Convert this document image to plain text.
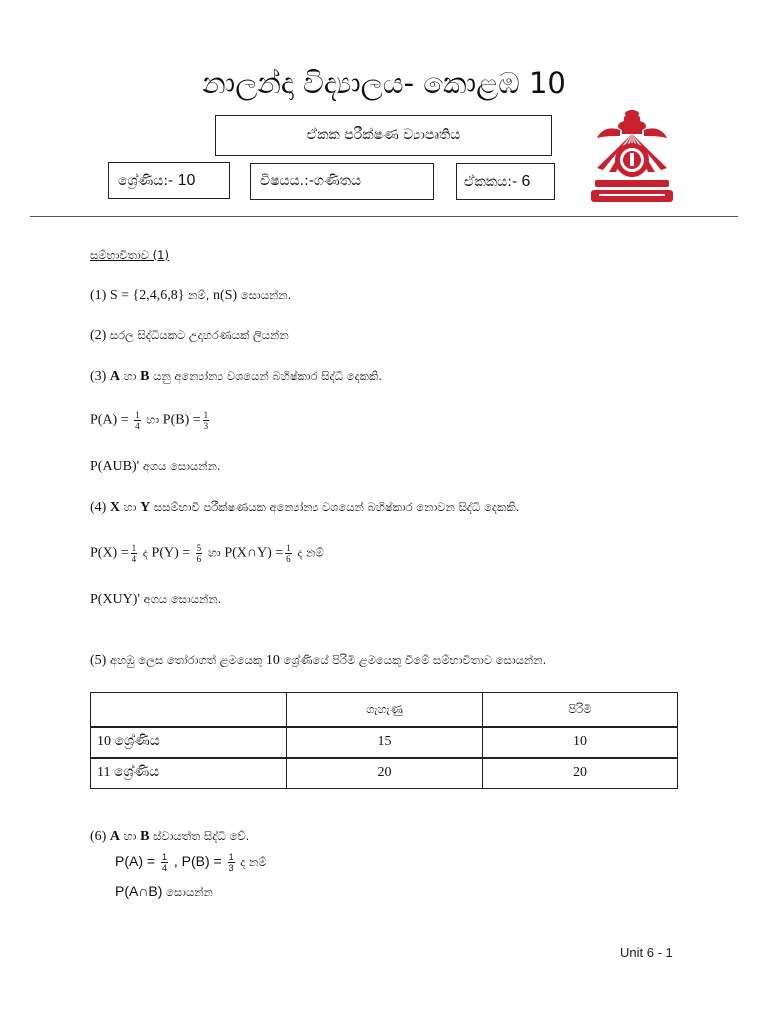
නාලන්දා විද්‍යාලය- කොළඹ 10
ඒකක පරීක්ෂණ ව්‍යාපෘතිය
ශ්‍රේණිය:- 10	විෂයය.:-ගණිතය	ඒකකය:- 6
සම්භාවිතාව (1)
(1) S = {2,4,6,8} නම්, n(S) සොයන්න.
(2) සරල සිද්ධියකට උදාහරණයක් ලියන්න
(3) A හා B යනු අන්‍යෝන්‍ය වශයෙන් බහිෂ්කාර සිද්ධි දෙකකි.
$P(A) = \frac{1}{4}$ හා $P(B) = \frac{1}{3}$
P(AUB)' අගය සොයන්න.
(4) X හා Y සසම්භාවී පරීක්ෂණයක අන්‍යෝන්‍ය වශයෙන් බහිෂ්කාර නොවන සිද්ධි දෙකකි.
$P(X) = \frac{1}{4}$ ද $P(Y) = \frac{5}{6}$ හා P(X∩Y) = $\frac{1}{6}$ ද නම්
P(XUY)' අගය සොයන්න.
(5) අහඹු ලෙස තෝරාගත් ළමයෙකු 10 ශ්‍රේණියේ පිරිමි ළමයෙකු වීමේ සම්භාවිතාව සොයන්න.
	ගැහැණු	පිරිමි
10 ශ්‍රේණිය	15	10
11 ශ්‍රේණිය	20	20
(6) A හා B ස්වායත්ත සිද්ධි වේ.
$P(A) = \frac{1}{4}$ , $P(B) = \frac{1}{3}$ ද නම්
P(A∩B) සොයන්න
Unit 6 - 1
